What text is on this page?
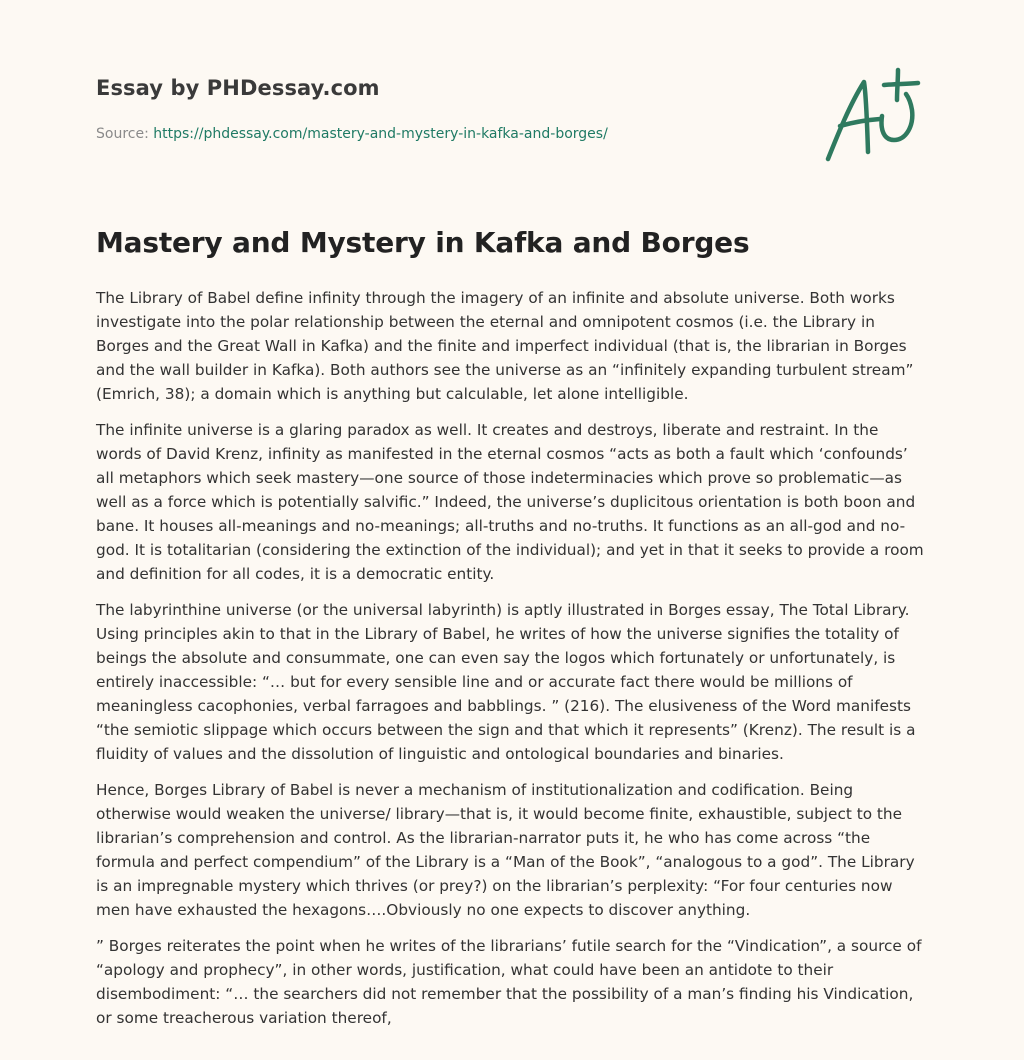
Essay by PHDessay.com
Source: https://phdessay.com/mastery-and-mystery-in-kafka-and-borges/
Mastery and Mystery in Kafka and Borges

The Library of Babel define infinity through the imagery of an infinite and absolute universe. Both works investigate into the polar relationship between the eternal and omnipotent cosmos (i.e. the Library in Borges and the Great Wall in Kafka) and the finite and imperfect individual (that is, the librarian in Borges and the wall builder in Kafka). Both authors see the universe as an “infinitely expanding turbulent stream” (Emrich, 38); a domain which is anything but calculable, let alone intelligible.

The infinite universe is a glaring paradox as well. It creates and destroys, liberate and restraint. In the words of David Krenz, infinity as manifested in the eternal cosmos “acts as both a fault which ‘confounds’ all metaphors which seek mastery—one source of those indeterminacies which prove so problematic—as well as a force which is potentially salvific.” Indeed, the universe’s duplicitous orientation is both boon and bane. It houses all-meanings and no-meanings; all-truths and no-truths. It functions as an all-god and no-god. It is totalitarian (considering the extinction of the individual); and yet in that it seeks to provide a room and definition for all codes, it is a democratic entity.

The labyrinthine universe (or the universal labyrinth) is aptly illustrated in Borges essay, The Total Library. Using principles akin to that in the Library of Babel, he writes of how the universe signifies the totality of beings the absolute and consummate, one can even say the logos which fortunately or unfortunately, is entirely inaccessible: “… but for every sensible line and or accurate fact there would be millions of meaningless cacophonies, verbal farragoes and babblings. ” (216). The elusiveness of the Word manifests “the semiotic slippage which occurs between the sign and that which it represents” (Krenz). The result is a fluidity of values and the dissolution of linguistic and ontological boundaries and binaries.

Hence, Borges Library of Babel is never a mechanism of institutionalization and codification. Being otherwise would weaken the universe/ library—that is, it would become finite, exhaustible, subject to the librarian’s comprehension and control. As the librarian-narrator puts it, he who has come across “the formula and perfect compendium” of the Library is a “Man of the Book”, “analogous to a god”. The Library is an impregnable mystery which thrives (or prey?) on the librarian’s perplexity: “For four centuries now men have exhausted the hexagons….Obviously no one expects to discover anything.

” Borges reiterates the point when he writes of the librarians’ futile search for the “Vindication”, a source of “apology and prophecy”, in other words, justification, what could have been an antidote to their disembodiment: “… the searchers did not remember that the possibility of a man’s finding his Vindication, or some treacherous variation thereof,
